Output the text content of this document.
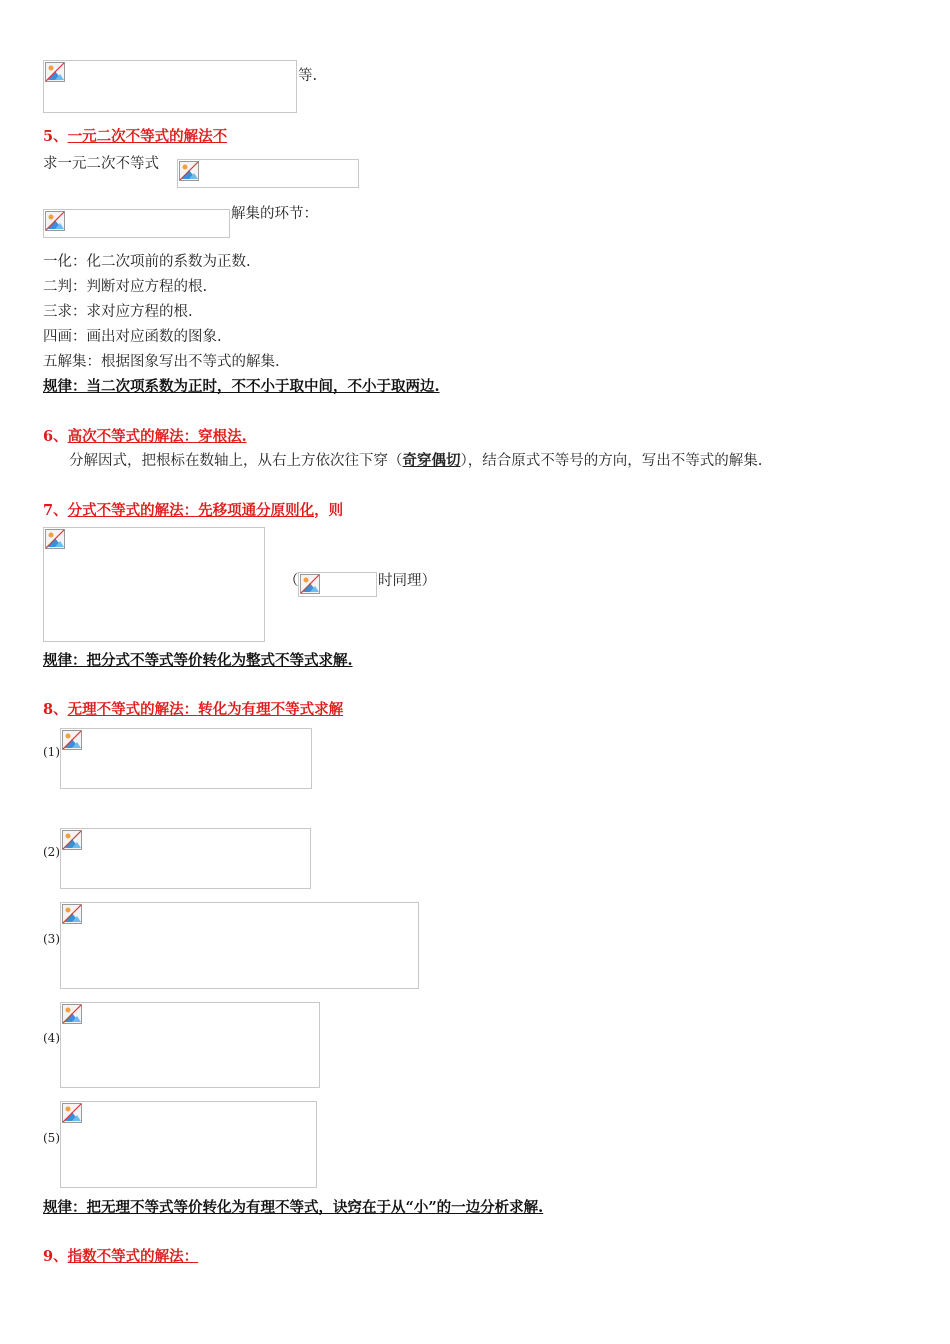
等.
5、一元二次不等式的解法不
求一元二次不等式
解集的环节：
一化：化二次项前的系数为正数.
二判：判断对应方程的根.
三求：求对应方程的根.
四画：画出对应函数的图象.
五解集：根据图象写出不等式的解集.
规律：当二次项系数为正时，不不小于取中间，不小于取两边.
6、高次不等式的解法：穿根法.
分解因式，把根标在数轴上，从右上方依次往下穿（奇穿偶切），结合原式不等号的方向，写出不等式的解集.
7、分式不等式的解法：先移项通分原则化，则
（	时同理）
规律：把分式不等式等价转化为整式不等式求解.
8、无理不等式的解法：转化为有理不等式求解
(1)
(2)
(3)
(4)
(5)
规律：把无理不等式等价转化为有理不等式，诀窍在于从“小”的一边分析求解.
9、指数不等式的解法：
